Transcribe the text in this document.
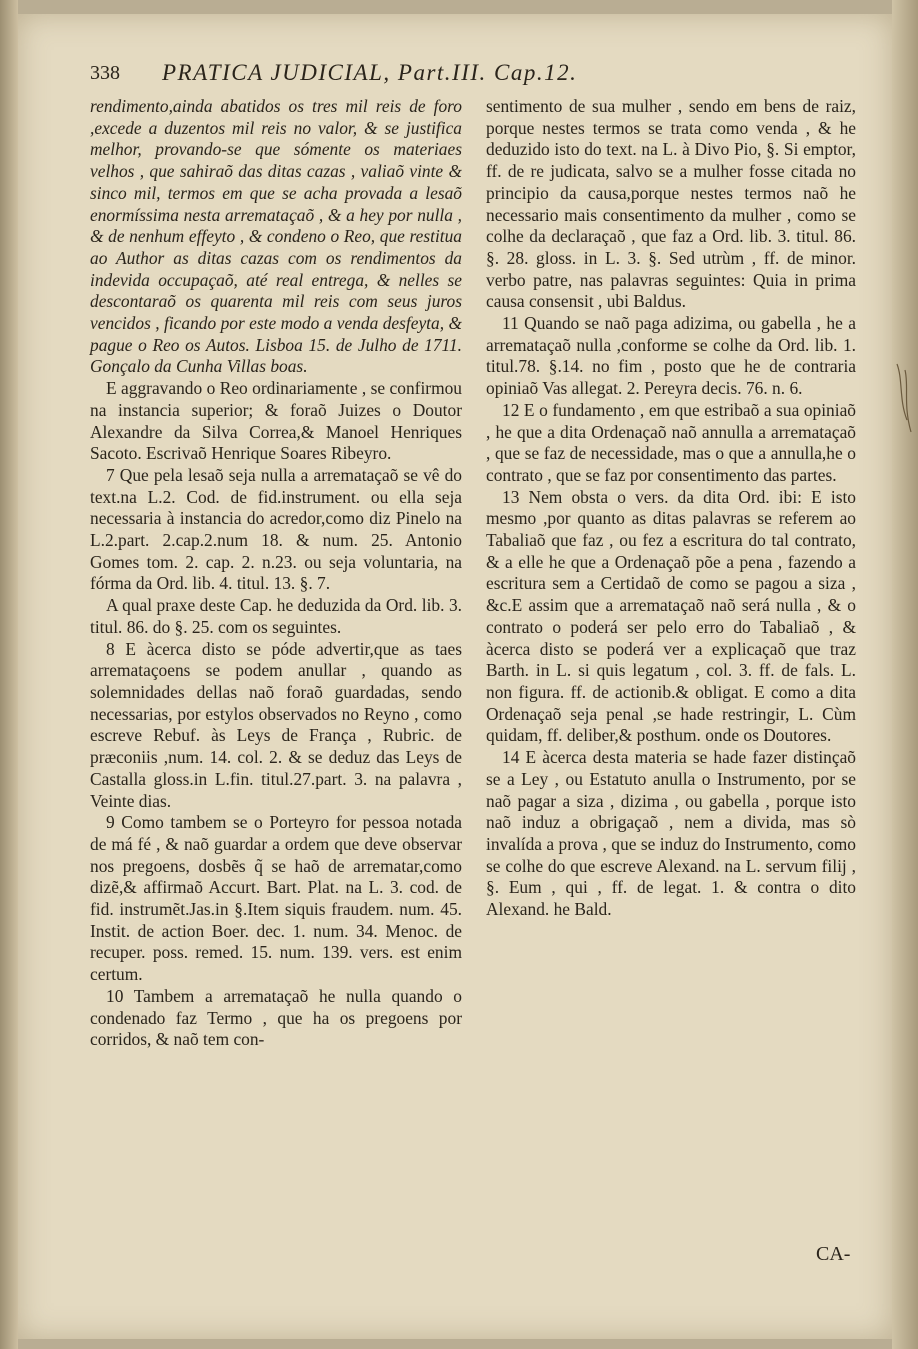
338 PRATICA JUDICIAL, Part.III. Cap.12.

rendimento,ainda abatidos os tres mil reis de foro ,excede a duzentos mil reis no valor, & se justifica melhor, provando-se que sómente os materiaes velhos , que sahiraõ das ditas cazas , valiaõ vinte & sinco mil, termos em que se acha provada a lesaõ enormíssima nesta arremataçaõ , & a hey por nulla , & de nenhum effeyto , & condeno o Reo, que restitua ao Author as ditas cazas com os rendimentos da indevida occupaçaõ, até real entrega, & nelles se descontaraõ os quarenta mil reis com seus juros vencidos , ficando por este modo a venda desfeyta, & pague o Reo os Autos. Lisboa 15. de Julho de 1711. Gonçalo da Cunha Villas boas.

E aggravando o Reo ordinariamente , se confirmou na instancia superior; & foraõ Juizes o Doutor Alexandre da Silva Correa,& Manoel Henriques Sacoto. Escrivaõ Henrique Soares Ribeyro.

7 Que pela lesaõ seja nulla a arremataçaõ se vê do text.na L.2. Cod. de fid.instrument. ou ella seja necessaria à instancia do acredor,como diz Pinelo na L.2.part. 2.cap.2.num 18. & num. 25. Antonio Gomes tom. 2. cap. 2. n.23. ou seja voluntaria, na fórma da Ord. lib. 4. titul. 13. §. 7.

A qual praxe deste Cap. he deduzida da Ord. lib. 3. titul. 86. do §. 25. com os seguintes.

8 E àcerca disto se póde advertir,que as taes arremataçoens se podem anullar , quando as solemnidades dellas naõ foraõ guardadas, sendo necessarias, por estylos observados no Reyno , como escreve Rebuf. às Leys de França , Rubric. de præconiis ,num. 14. col. 2. & se deduz das Leys de Castalla gloss.in L.fin. titul.27.part. 3. na palavra , Veinte dias.

9 Como tambem se o Porteyro for pessoa notada de má fé , & naõ guardar a ordem que deve observar nos pregoens, dosbẽs q̃ se haõ de arrematar,como dizẽ,& affirmaõ Accurt. Bart. Plat. na L. 3. cod. de fid. instrumẽt.Jas.in §.Item siquis fraudem. num. 45. Instit. de action Boer. dec. 1. num. 34. Menoc. de recuper. poss. remed. 15. num. 139. vers. est enim certum.

10 Tambem a arremataçaõ he nulla quando o condenado faz Termo , que ha os pregoens por corridos, & naõ tem con-

sentimento de sua mulher , sendo em bens de raiz, porque nestes termos se trata como venda , & he deduzido isto do text. na L. à Divo Pio, §. Si emptor, ff. de re judicata, salvo se a mulher fosse citada no principio da causa,porque nestes termos naõ he necessario mais consentimento da mulher , como se colhe da declaraçaõ , que faz a Ord. lib. 3. titul. 86. §. 28. gloss. in L. 3. §. Sed utrùm , ff. de minor. verbo patre, nas palavras seguintes: Quia in prima causa consensit , ubi Baldus.

11 Quando se naõ paga adizima, ou gabella , he a arremataçaõ nulla ,conforme se colhe da Ord. lib. 1. titul.78. §.14. no fim , posto que he de contraria opiniaõ Vas allegat. 2. Pereyra decis. 76. n. 6.

12 E o fundamento , em que estribaõ a sua opiniaõ , he que a dita Ordenaçaõ naõ annulla a arremataçaõ , que se faz de necessidade, mas o que a annulla,he o contrato , que se faz por consentimento das partes.

13 Nem obsta o vers. da dita Ord. ibi: E isto mesmo ,por quanto as ditas palavras se referem ao Tabaliaõ que faz , ou fez a escritura do tal contrato, & a elle he que a Ordenaçaõ põe a pena , fazendo a escritura sem a Certidaõ de como se pagou a siza , &c.E assim que a arremataçaõ naõ será nulla , & o contrato o poderá ser pelo erro do Tabaliaõ , & àcerca disto se poderá ver a explicaçaõ que traz Barth. in L. si quis legatum , col. 3. ff. de fals. L. non figura. ff. de actionib.& obligat. E como a dita Ordenaçaõ seja penal ,se hade restringir, L. Cùm quidam, ff. deliber,& posthum. onde os Doutores.

14 E àcerca desta materia se hade fazer distinçaõ se a Ley , ou Estatuto anulla o Instrumento, por se naõ pagar a siza , dizima , ou gabella , porque isto naõ induz a obrigaçaõ , nem a divida, mas sò invalída a prova , que se induz do Instrumento, como se colhe do que escreve Alexand. na L. servum filij , §. Eum , qui , ff. de legat. 1. & contra o dito Alexand. he Bald.

CA-
